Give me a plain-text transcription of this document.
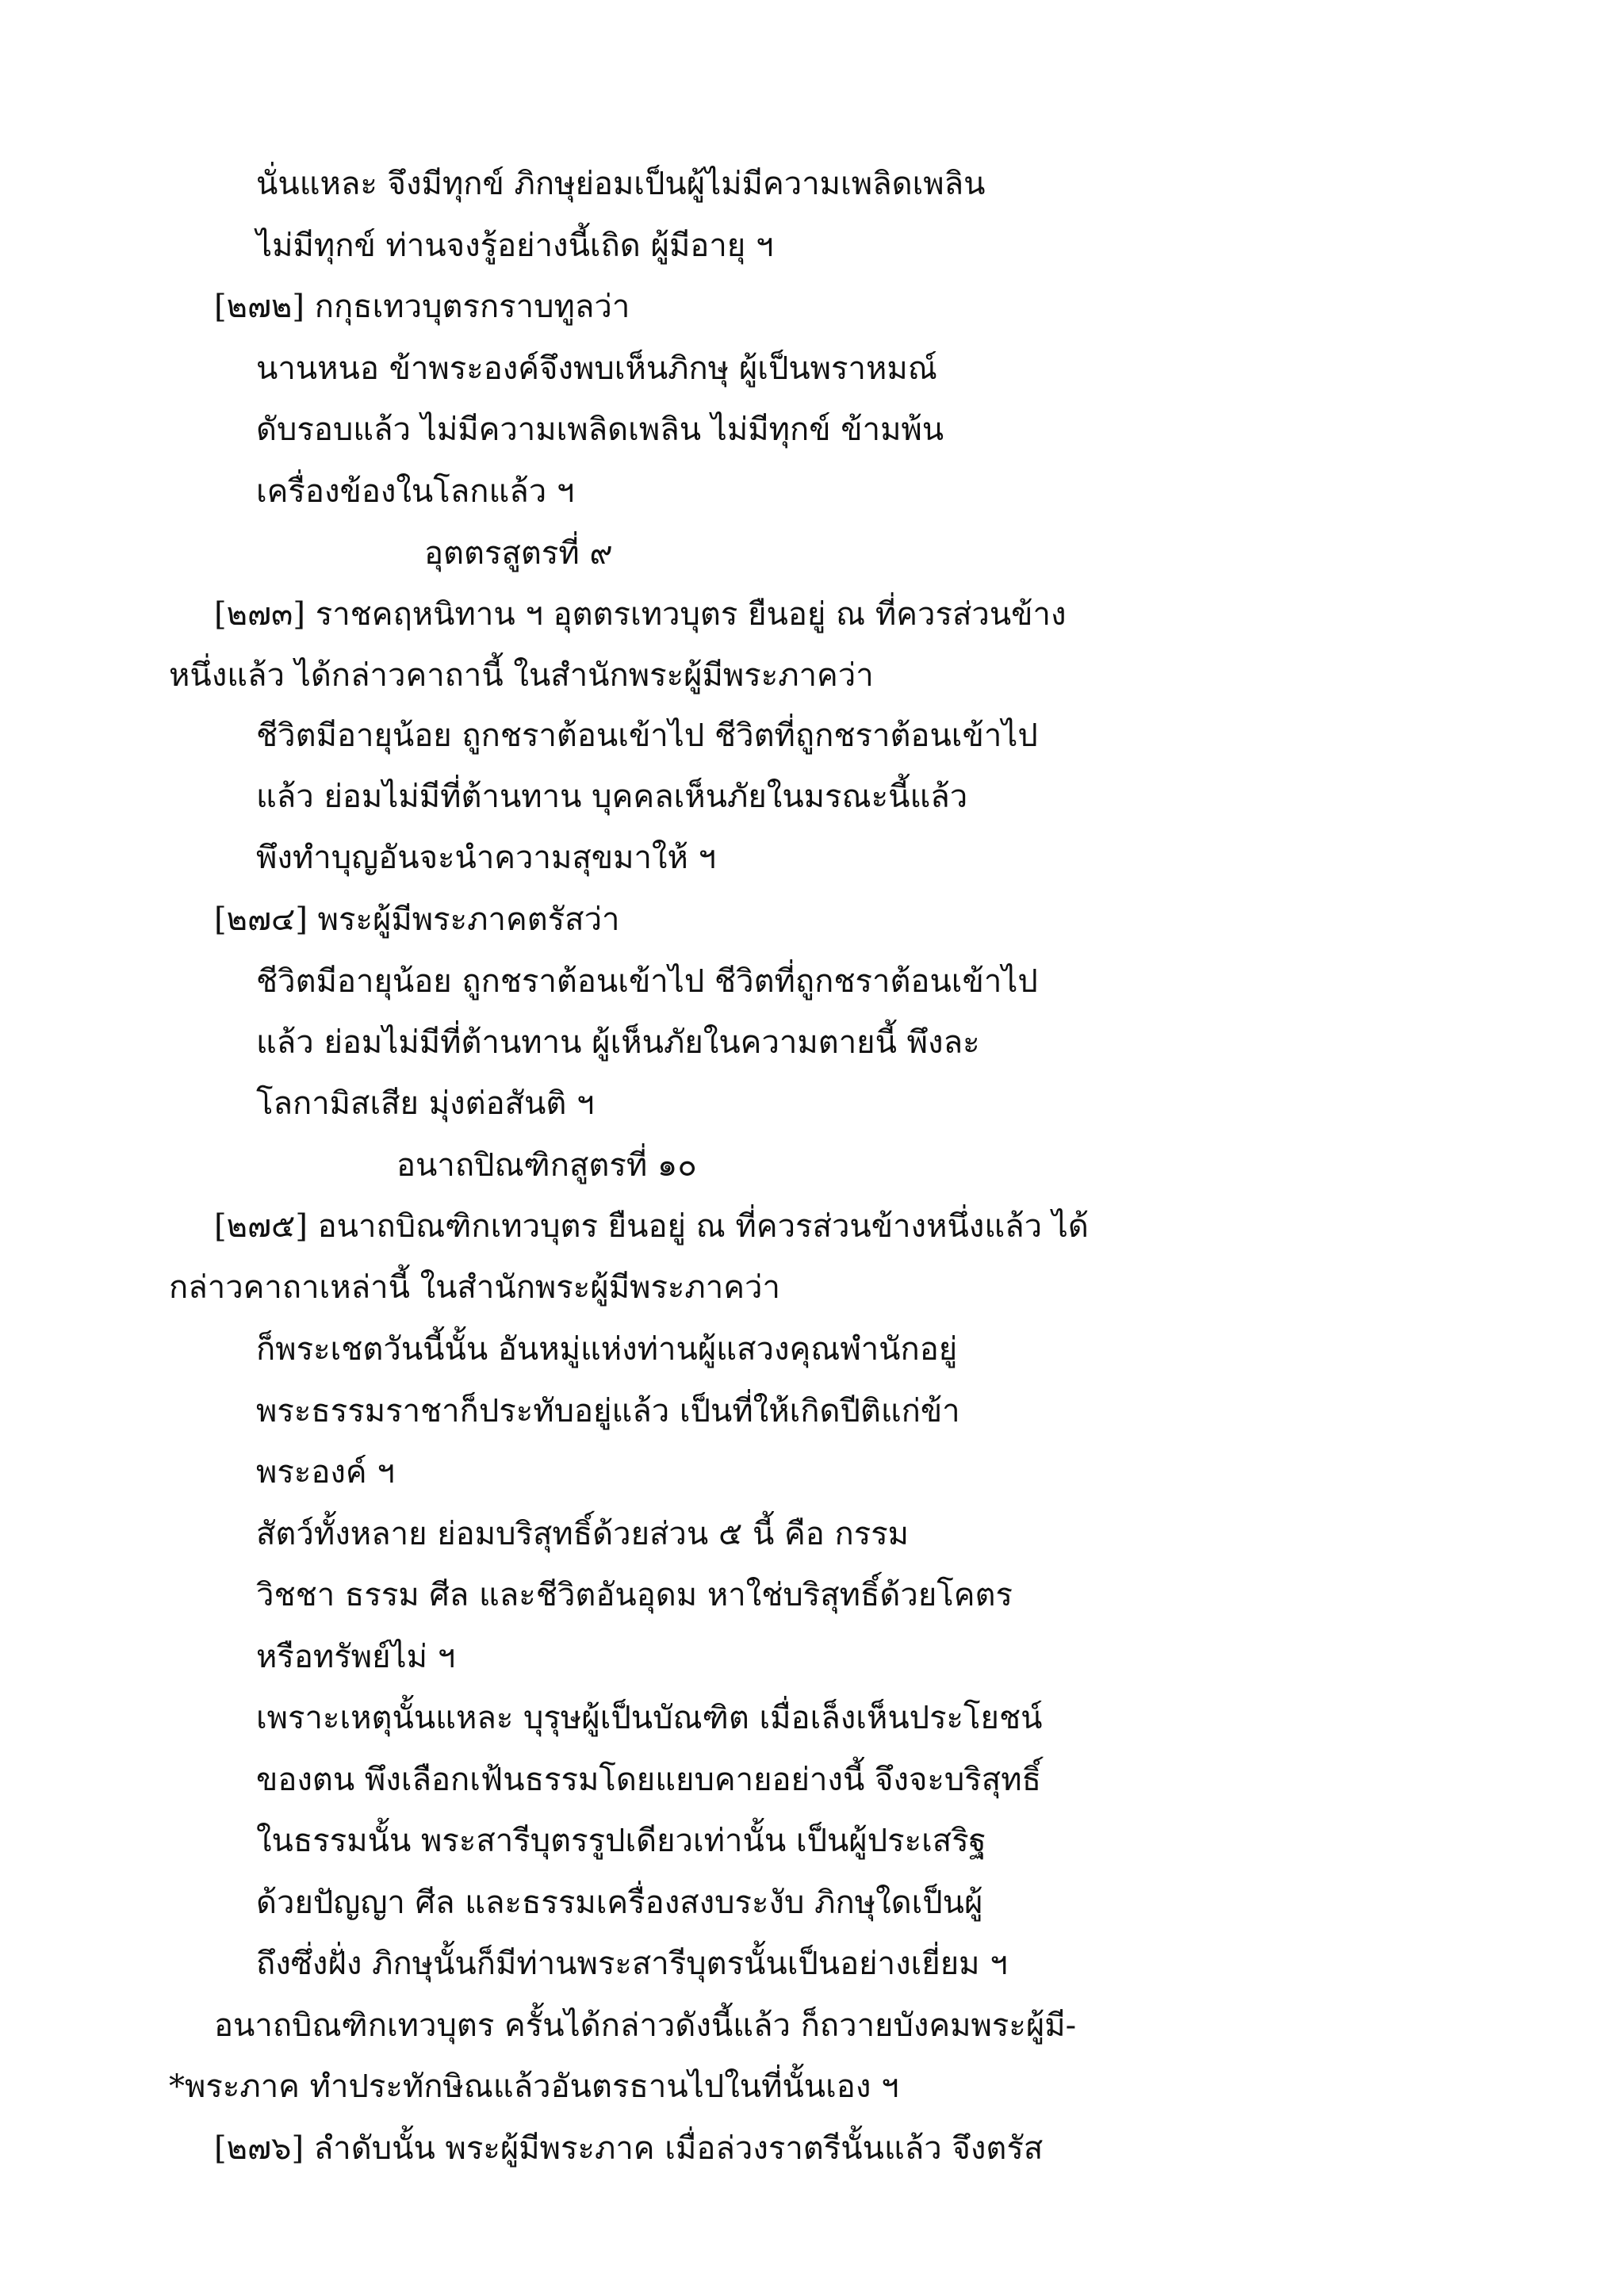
นั่นแหละ จึงมีทุกข์ ภิกษุย่อมเป็นผู้ไม่มีความเพลิดเพลิน
ไม่มีทุกข์ ท่านจงรู้อย่างนี้เถิด ผู้มีอายุ ฯ
[๒๗๒] กกุธเทวบุตรกราบทูลว่า
นานหนอ ข้าพระองค์จึงพบเห็นภิกษุ ผู้เป็นพราหมณ์
ดับรอบแล้ว ไม่มีความเพลิดเพลิน ไม่มีทุกข์ ข้ามพ้น
เครื่องข้องในโลกแล้ว ฯ
อุตตรสูตรที่ ๙
[๒๗๓] ราชคฤหนิทาน ฯ อุตตรเทวบุตร ยืนอยู่ ณ ที่ควรส่วนข้าง
หนึ่งแล้ว ได้กล่าวคาถานี้ ในสำนักพระผู้มีพระภาคว่า
ชีวิตมีอายุน้อย ถูกชราต้อนเข้าไป ชีวิตที่ถูกชราต้อนเข้าไป
แล้ว ย่อมไม่มีที่ต้านทาน บุคคลเห็นภัยในมรณะนี้แล้ว
พึงทำบุญอันจะนำความสุขมาให้ ฯ
[๒๗๔] พระผู้มีพระภาคตรัสว่า
ชีวิตมีอายุน้อย ถูกชราต้อนเข้าไป ชีวิตที่ถูกชราต้อนเข้าไป
แล้ว ย่อมไม่มีที่ต้านทาน ผู้เห็นภัยในความตายนี้ พึงละ
โลกามิสเสีย มุ่งต่อสันติ ฯ
อนาถปิณฑิกสูตรที่ ๑๐
[๒๗๕] อนาถบิณฑิกเทวบุตร ยืนอยู่ ณ ที่ควรส่วนข้างหนึ่งแล้ว ได้
กล่าวคาถาเหล่านี้ ในสำนักพระผู้มีพระภาคว่า
ก็พระเชตวันนี้นั้น อันหมู่แห่งท่านผู้แสวงคุณพำนักอยู่
พระธรรมราชาก็ประทับอยู่แล้ว เป็นที่ให้เกิดปีติแก่ข้า
พระองค์ ฯ
สัตว์ทั้งหลาย ย่อมบริสุทธิ์ด้วยส่วน ๕ นี้ คือ กรรม
วิชชา ธรรม ศีล และชีวิตอันอุดม หาใช่บริสุทธิ์ด้วยโคตร
หรือทรัพย์ไม่ ฯ
เพราะเหตุนั้นแหละ บุรุษผู้เป็นบัณฑิต เมื่อเล็งเห็นประโยชน์
ของตน พึงเลือกเฟ้นธรรมโดยแยบคายอย่างนี้ จึงจะบริสุทธิ์
ในธรรมนั้น พระสารีบุตรรูปเดียวเท่านั้น เป็นผู้ประเสริฐ
ด้วยปัญญา ศีล และธรรมเครื่องสงบระงับ ภิกษุใดเป็นผู้
ถึงซึ่งฝั่ง ภิกษุนั้นก็มีท่านพระสารีบุตรนั้นเป็นอย่างเยี่ยม ฯ
อนาถบิณฑิกเทวบุตร ครั้นได้กล่าวดังนี้แล้ว ก็ถวายบังคมพระผู้มี-
*พระภาค ทำประทักษิณแล้วอันตรธานไปในที่นั้นเอง ฯ
[๒๗๖] ลำดับนั้น พระผู้มีพระภาค เมื่อล่วงราตรีนั้นแล้ว จึงตรัส
